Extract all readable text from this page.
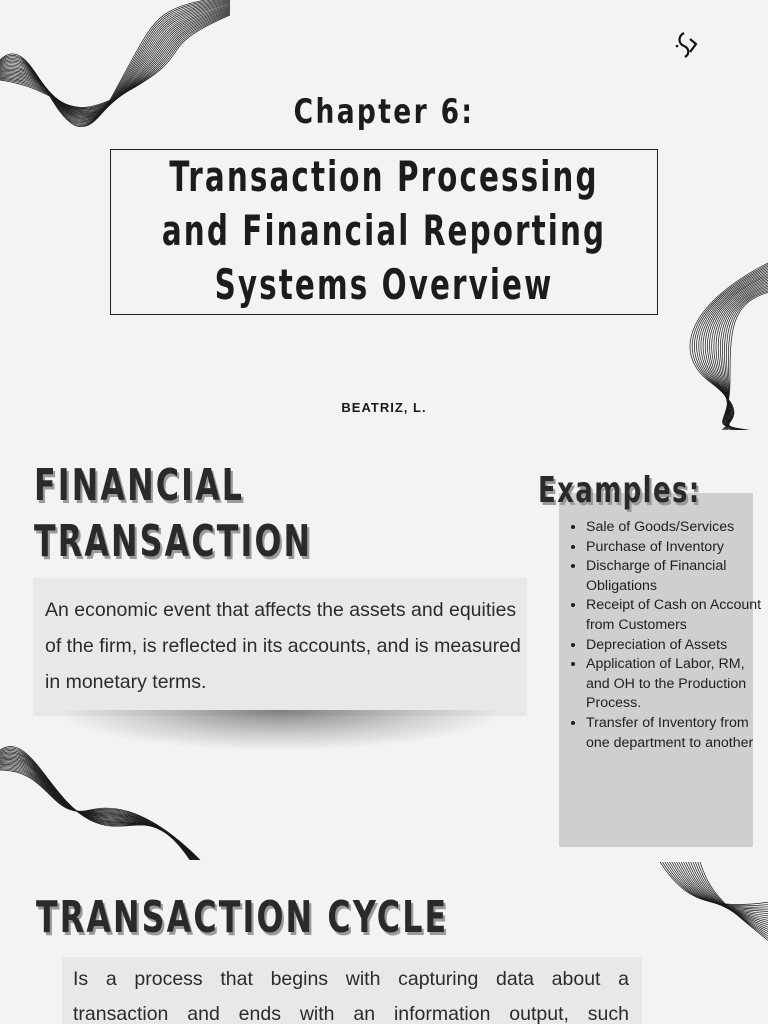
Chapter 6:
Transaction Processing
and Financial Reporting
Systems Overview
BEATRIZ, L.
FINANCIAL
TRANSACTION
An economic event that affects the assets and equities of the firm, is reflected in its accounts, and is measured in monetary terms.
Examples:
• Sale of Goods/Services
• Purchase of Inventory
• Discharge of Financial Obligations
• Receipt of Cash on Account from Customers
• Depreciation of Assets
• Application of Labor, RM, and OH to the Production Process.
• Transfer of Inventory from one department to another
TRANSACTION CYCLE
Is a process that begins with capturing data about a
transaction and ends with an information output, such
